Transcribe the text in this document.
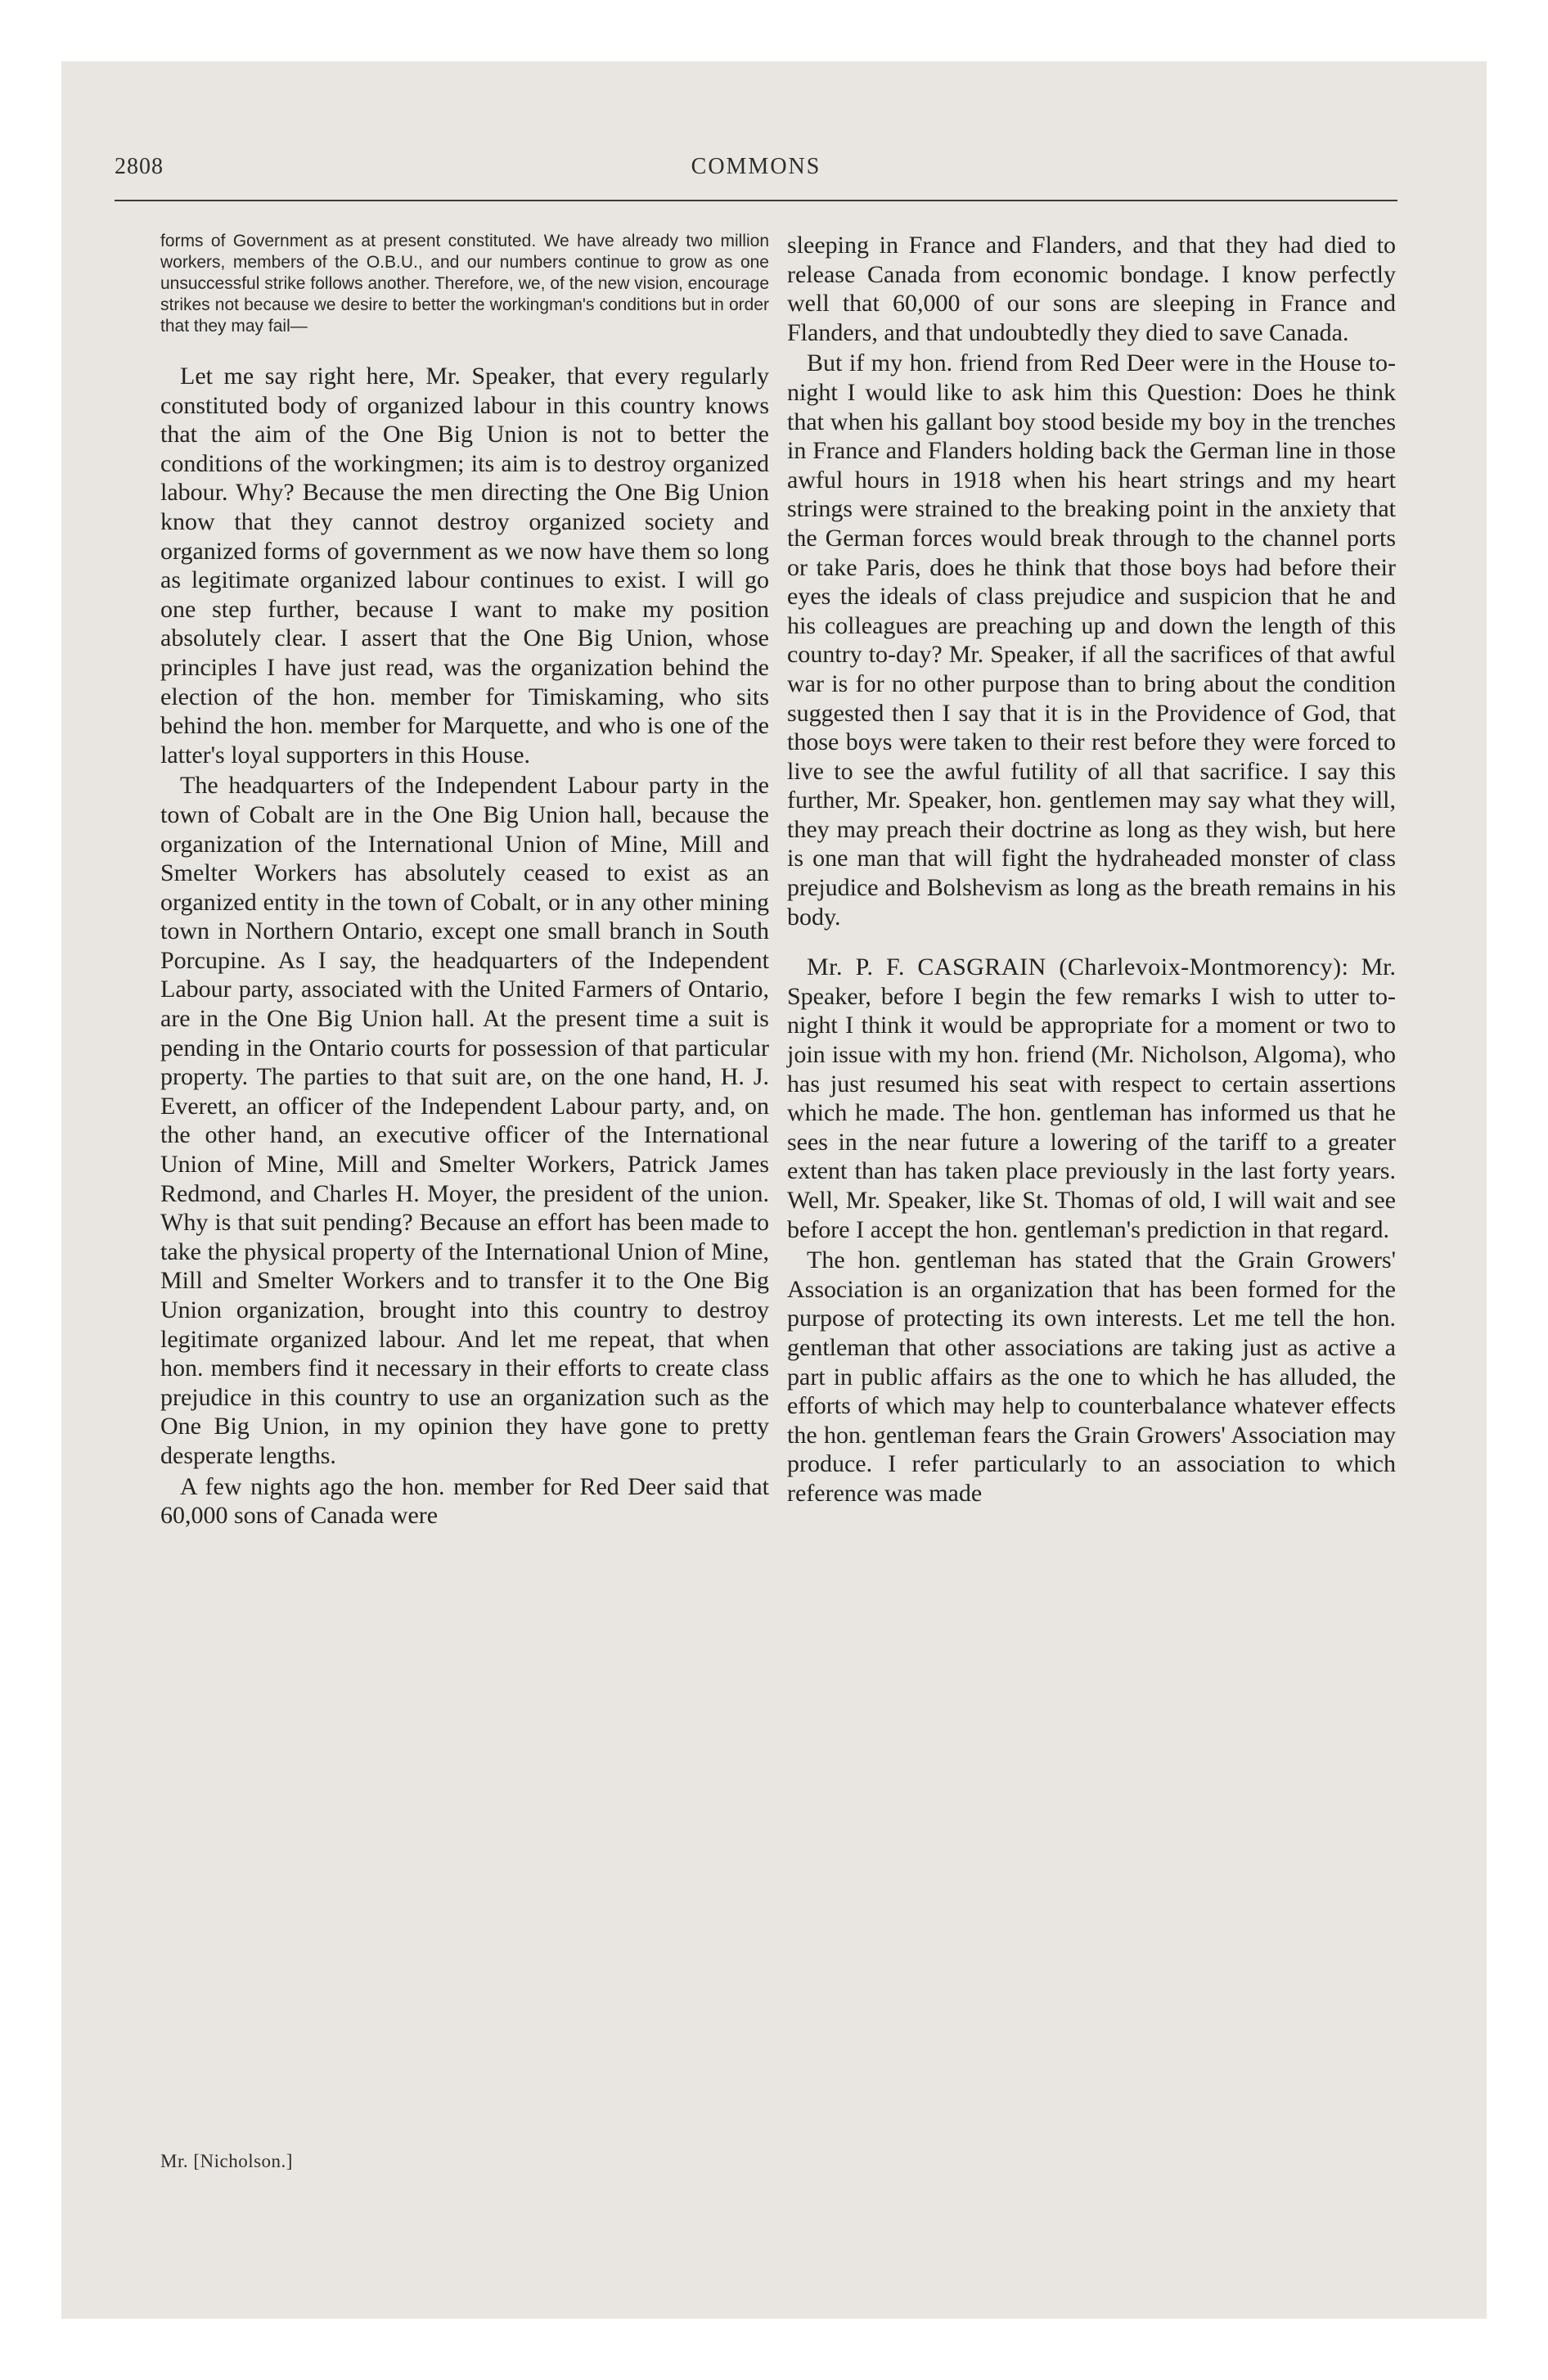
2808	COMMONS

forms of Government as at present constituted. We have already two million workers, members of the O.B.U., and our numbers continue to grow as one unsuccessful strike follows another. Therefore, we, of the new vision, encourage strikes not because we desire to better the workingman's conditions but in order that they may fail—

Let me say right here, Mr. Speaker, that every regularly constituted body of organized labour in this country knows that the aim of the One Big Union is not to better the conditions of the workingmen; its aim is to destroy organized labour. Why? Because the men directing the One Big Union know that they cannot destroy organized society and organized forms of government as we now have them so long as legitimate organized labour continues to exist. I will go one step further, because I want to make my position absolutely clear. I assert that the One Big Union, whose principles I have just read, was the organization behind the election of the hon. member for Timiskaming, who sits behind the hon. member for Marquette, and who is one of the latter's loyal supporters in this House.

The headquarters of the Independent Labour party in the town of Cobalt are in the One Big Union hall, because the organization of the International Union of Mine, Mill and Smelter Workers has absolutely ceased to exist as an organized entity in the town of Cobalt, or in any other mining town in Northern Ontario, except one small branch in South Porcupine. As I say, the headquarters of the Independent Labour party, associated with the United Farmers of Ontario, are in the One Big Union hall. At the present time a suit is pending in the Ontario courts for possession of that particular property. The parties to that suit are, on the one hand, H. J. Everett, an officer of the Independent Labour party, and, on the other hand, an executive officer of the International Union of Mine, Mill and Smelter Workers, Patrick James Redmond, and Charles H. Moyer, the president of the union. Why is that suit pending? Because an effort has been made to take the physical property of the International Union of Mine, Mill and Smelter Workers and to transfer it to the One Big Union organization, brought into this country to destroy legitimate organized labour. And let me repeat, that when hon. members find it necessary in their efforts to create class prejudice in this country to use an organization such as the One Big Union, in my opinion they have gone to pretty desperate lengths.

A few nights ago the hon. member for Red Deer said that 60,000 sons of Canada were

sleeping in France and Flanders, and that they had died to release Canada from economic bondage. I know perfectly well that 60,000 of our sons are sleeping in France and Flanders, and that undoubtedly they died to save Canada.

But if my hon. friend from Red Deer were in the House to-night I would like to ask him this Question: Does he think that when his gallant boy stood beside my boy in the trenches in France and Flanders holding back the German line in those awful hours in 1918 when his heart strings and my heart strings were strained to the breaking point in the anxiety that the German forces would break through to the channel ports or take Paris, does he think that those boys had before their eyes the ideals of class prejudice and suspicion that he and his colleagues are preaching up and down the length of this country to-day? Mr. Speaker, if all the sacrifices of that awful war is for no other purpose than to bring about the condition suggested then I say that it is in the Providence of God, that those boys were taken to their rest before they were forced to live to see the awful futility of all that sacrifice. I say this further, Mr. Speaker, hon. gentlemen may say what they will, they may preach their doctrine as long as they wish, but here is one man that will fight the hydraheaded monster of class prejudice and Bolshevism as long as the breath remains in his body.

Mr. P. F. CASGRAIN (Charlevoix-Montmorency): Mr. Speaker, before I begin the few remarks I wish to utter to-night I think it would be appropriate for a moment or two to join issue with my hon. friend (Mr. Nicholson, Algoma), who has just resumed his seat with respect to certain assertions which he made. The hon. gentleman has informed us that he sees in the near future a lowering of the tariff to a greater extent than has taken place previously in the last forty years. Well, Mr. Speaker, like St. Thomas of old, I will wait and see before I accept the hon. gentleman's prediction in that regard.

The hon. gentleman has stated that the Grain Growers' Association is an organization that has been formed for the purpose of protecting its own interests. Let me tell the hon. gentleman that other associations are taking just as active a part in public affairs as the one to which he has alluded, the efforts of which may help to counterbalance whatever effects the hon. gentleman fears the Grain Growers' Association may produce. I refer particularly to an association to which reference was made

Mr. [Nicholson.]
